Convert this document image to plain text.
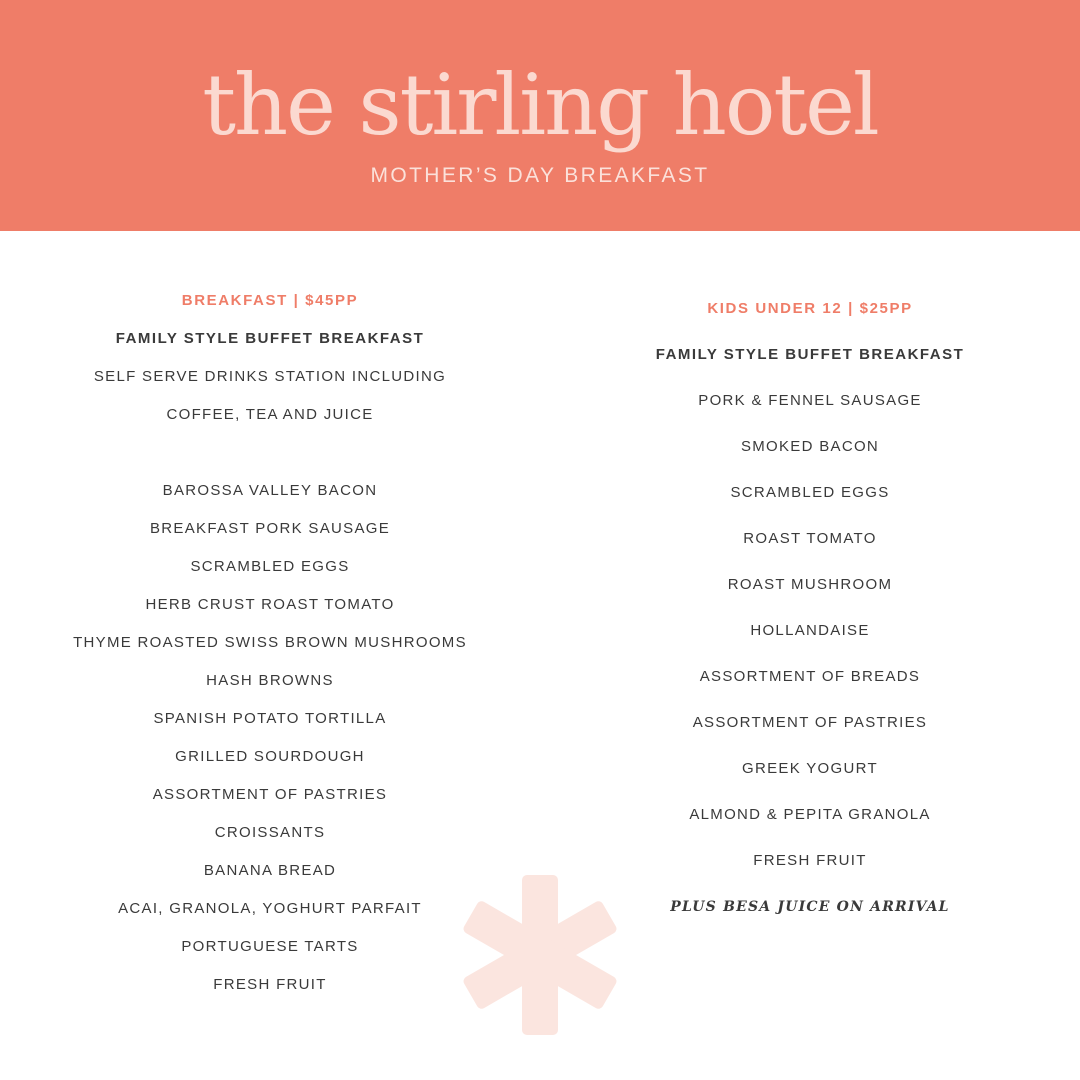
the stirling hotel
MOTHER’S DAY BREAKFAST
BREAKFAST | $45PP
FAMILY STYLE BUFFET BREAKFAST
SELF SERVE DRINKS STATION INCLUDING
COFFEE, TEA AND JUICE
BAROSSA VALLEY BACON
BREAKFAST PORK SAUSAGE
SCRAMBLED EGGS
HERB CRUST ROAST TOMATO
THYME ROASTED SWISS BROWN MUSHROOMS
HASH BROWNS
SPANISH POTATO TORTILLA
GRILLED SOURDOUGH
ASSORTMENT OF PASTRIES
CROISSANTS
BANANA BREAD
ACAI, GRANOLA, YOGHURT PARFAIT
PORTUGUESE TARTS
FRESH FRUIT
KIDS UNDER 12 | $25PP
FAMILY STYLE BUFFET BREAKFAST
PORK & FENNEL SAUSAGE
SMOKED BACON
SCRAMBLED EGGS
ROAST TOMATO
ROAST MUSHROOM
HOLLANDAISE
ASSORTMENT OF BREADS
ASSORTMENT OF PASTRIES
GREEK YOGURT
ALMOND & PEPITA GRANOLA
FRESH FRUIT
PLUS BESA JUICE ON ARRIVAL
